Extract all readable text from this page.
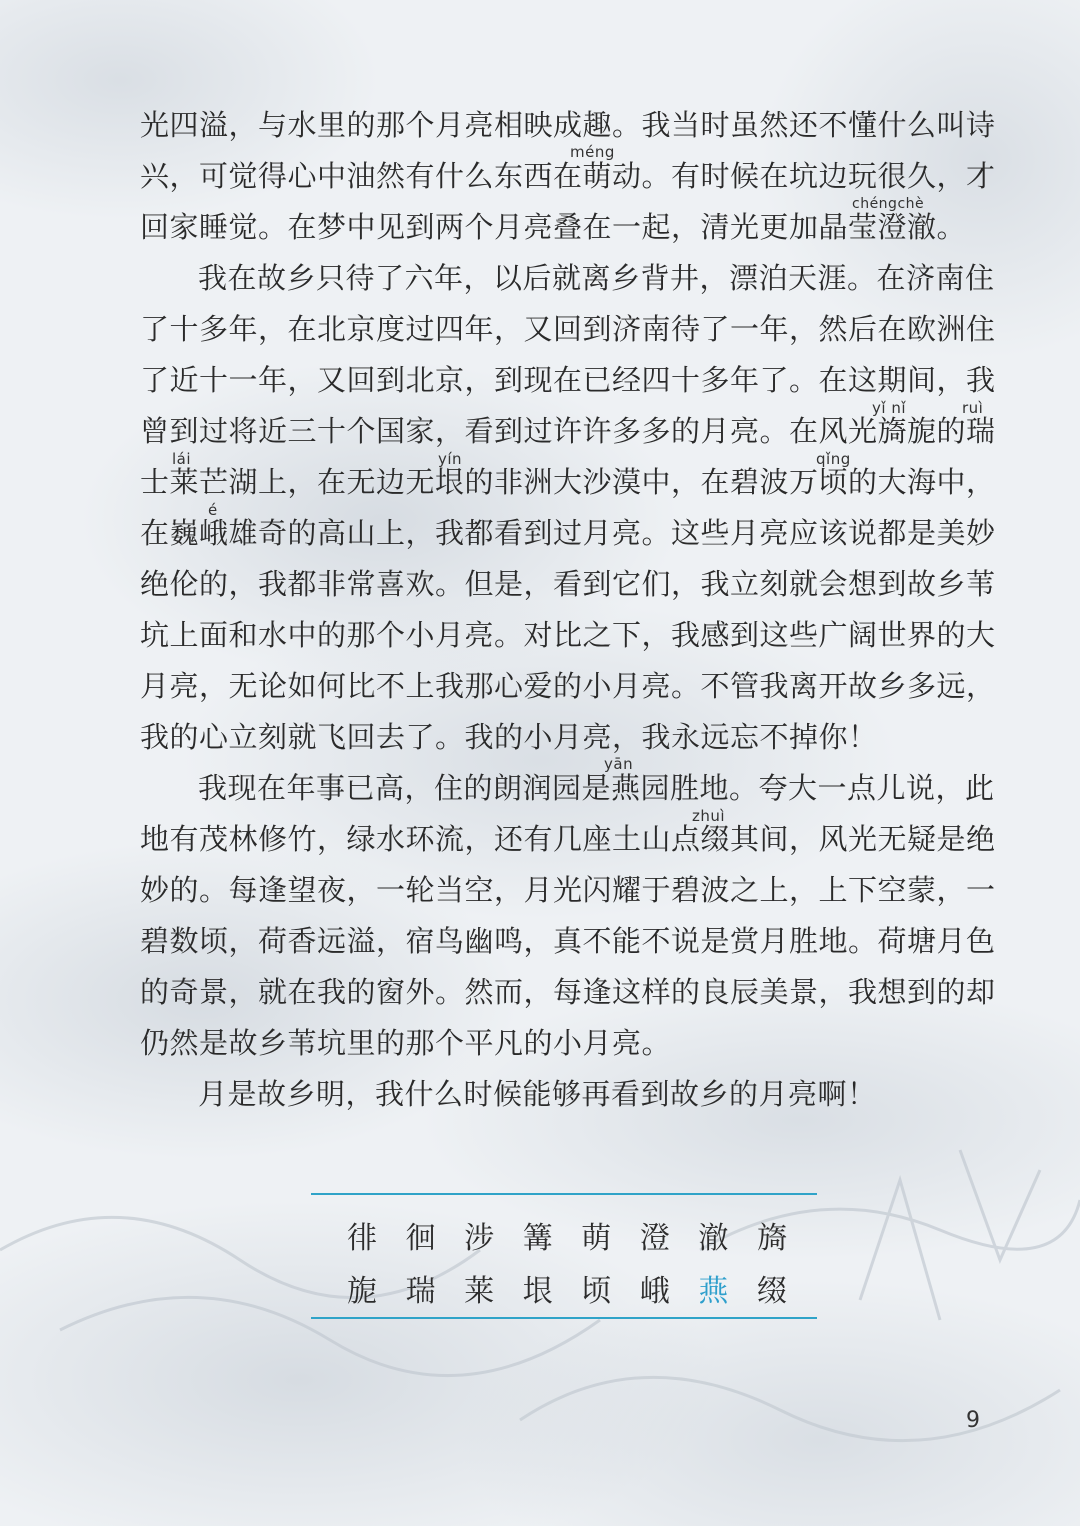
光四溢，与水里的那个月亮相映成趣。我当时虽然还不懂什么叫诗
兴，可觉得心中油然有什么东西在萌动。有时候在坑边玩很久，才
méng
回家睡觉。在梦中见到两个月亮叠在一起，清光更加晶莹澄澈。
chéngchè
我在故乡只待了六年，以后就离乡背井，漂泊天涯。在济南住
了十多年，在北京度过四年，又回到济南待了一年，然后在欧洲住
了近十一年，又回到北京，到现在已经四十多年了。在这期间，我
曾到过将近三十个国家，看到过许许多多的月亮。在风光旖旎的瑞
yǐ nǐ	ruì
士莱芒湖上，在无边无垠的非洲大沙漠中，在碧波万顷的大海中，
lái	yín	qǐng
在巍峨雄奇的高山上，我都看到过月亮。这些月亮应该说都是美妙
é
绝伦的，我都非常喜欢。但是，看到它们，我立刻就会想到故乡苇
坑上面和水中的那个小月亮。对比之下，我感到这些广阔世界的大
月亮，无论如何比不上我那心爱的小月亮。不管我离开故乡多远，
我的心立刻就飞回去了。我的小月亮，我永远忘不掉你！
我现在年事已高，住的朗润园是燕园胜地。夸大一点儿说，此
yān
地有茂林修竹，绿水环流，还有几座土山点缀其间，风光无疑是绝
zhuì
妙的。每逢望夜，一轮当空，月光闪耀于碧波之上，上下空蒙，一
碧数顷，荷香远溢，宿鸟幽鸣，真不能不说是赏月胜地。荷塘月色
的奇景，就在我的窗外。然而，每逢这样的良辰美景，我想到的却
仍然是故乡苇坑里的那个平凡的小月亮。
月是故乡明，我什么时候能够再看到故乡的月亮啊！
徘 徊 涉 篝 萌 澄 澈 旖
旎 瑞 莱 垠 顷 峨 燕 缀
9
